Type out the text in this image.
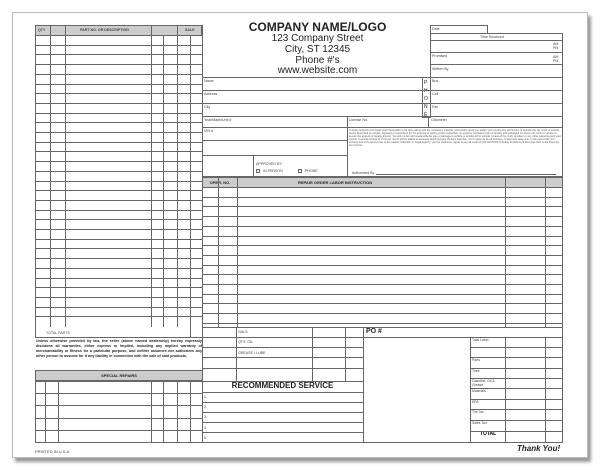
COMPANY NAME/LOGO
123 Company Street
City, ST 12345
Phone #'s
www.website.com
QTY	PART NO. OR DESCRIPTION	SALE
TOTAL PARTS
Unless otherwise provided by law, the seller (above named dealership) hereby expressly disclaims all warranties, either express or implied, including any implied warranty of merchantability or fitness for a particular purpose, and neither assumes nor authorizes any other person to assume for it any liability in connection with the sale of said products.
SPECIAL REPAIRS
Date
Time Received
AM
PM
Promised	AM
PM
Written By
Name
Address
City
P
H
O
N
E
Bus.
Cell
Fax
Year/Make/Unit #	License No.	Odometer
VIN #
APPROVED BY
IN PERSON	PHONE
I hereby authorize the repair work hereinafter to be done along with the necessary material, and hereby grant you and/or your employees permission to operate the car, truck or vehicle herein described on streets, highways or elsewhere for the purpose of testing and/or inspection. An express mechanic's lien is hereby acknowledged on above car, truck or vehicle to secure the amount of repairs thereto. You will not be held responsible for loss or damage to vehicle or articles left in vehicle in case of fire, theft, accident or any other cause beyond your control. A service charge of 1½% per month will be added to accounts which become 30 days past due, not to apply as an all inclusive. In payment when due, in the event that your account has to be turned over to an outside Collection or Legal Agency, you the Customer, agree to pay all costs of COLLECTION including all attorney's fees and court costs that may be incurred.
Authorized By
OPER. NO.	REPAIR ORDER LABOR INSTRUCTION
GALS
QTS. OIL
GREASE / LUBE
PO #
RECOMMENDED SERVICE
1.
2.
3.
4.
5.
Total Labor
Parts
Tires
Gasoline, Oil & Grease
Materials
EPA
Tire Tax
Sales Tax
TOTAL
PRINTED IN U.S.A.	Thank You!
